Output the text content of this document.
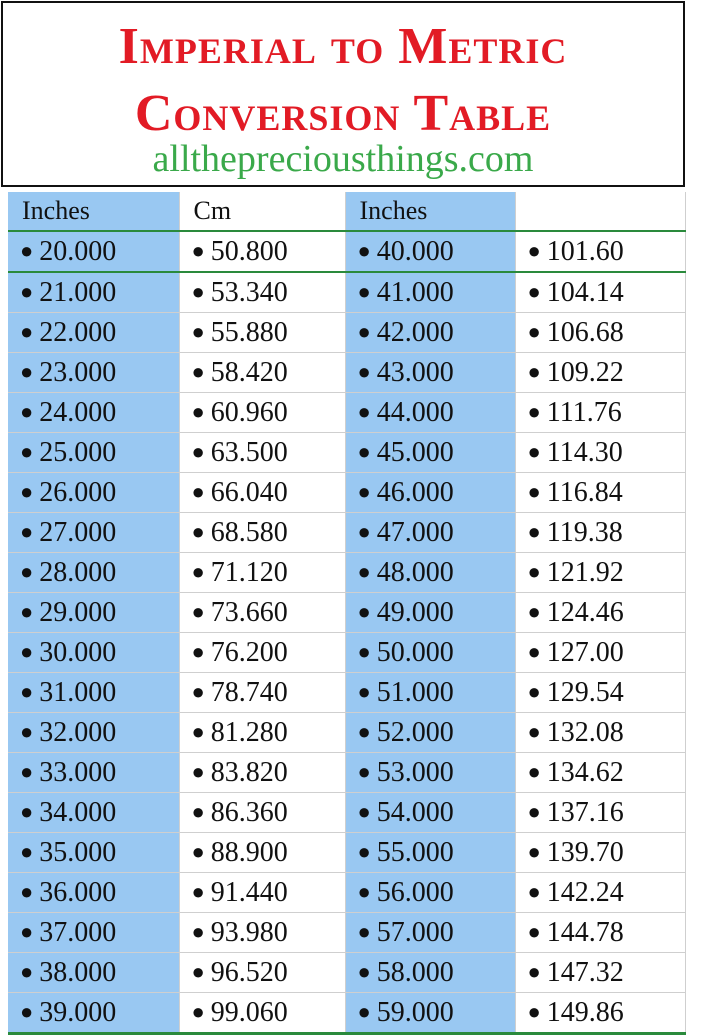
Imperial to Metric
Conversion Table
allthepreciousthings.com
Inches	Cm	Inches	
● 20.000	● 50.800	● 40.000	● 101.60
● 21.000	● 53.340	● 41.000	● 104.14
● 22.000	● 55.880	● 42.000	● 106.68
● 23.000	● 58.420	● 43.000	● 109.22
● 24.000	● 60.960	● 44.000	● 111.76
● 25.000	● 63.500	● 45.000	● 114.30
● 26.000	● 66.040	● 46.000	● 116.84
● 27.000	● 68.580	● 47.000	● 119.38
● 28.000	● 71.120	● 48.000	● 121.92
● 29.000	● 73.660	● 49.000	● 124.46
● 30.000	● 76.200	● 50.000	● 127.00
● 31.000	● 78.740	● 51.000	● 129.54
● 32.000	● 81.280	● 52.000	● 132.08
● 33.000	● 83.820	● 53.000	● 134.62
● 34.000	● 86.360	● 54.000	● 137.16
● 35.000	● 88.900	● 55.000	● 139.70
● 36.000	● 91.440	● 56.000	● 142.24
● 37.000	● 93.980	● 57.000	● 144.78
● 38.000	● 96.520	● 58.000	● 147.32
● 39.000	● 99.060	● 59.000	● 149.86
